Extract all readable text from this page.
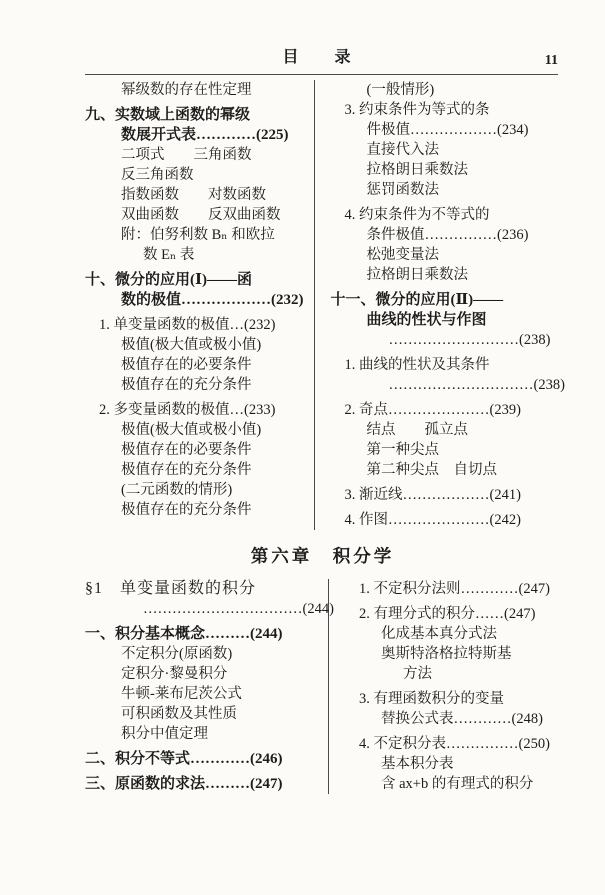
目　录	11
幂级数的存在性定理
九、实数域上函数的幂级
数展开式表…………(225)
二项式　　三角函数
反三角函数
指数函数　　对数函数
双曲函数　　反双曲函数
附：伯努利数 Bₙ 和欧拉
数 Eₙ 表
十、微分的应用(Ⅰ)——函
数的极值………………(232)
1. 单变量函数的极值…(232)
极值(极大值或极小值)
极值存在的必要条件
极值存在的充分条件
2. 多变量函数的极值…(233)
极值(极大值或极小值)
极值存在的必要条件
极值存在的充分条件
(二元函数的情形)
极值存在的充分条件
(一般情形)
3. 约束条件为等式的条
件极值………………(234)
直接代入法
拉格朗日乘数法
惩罚函数法
4. 约束条件为不等式的
条件极值……………(236)
松弛变量法
拉格朗日乘数法
十一、微分的应用(Ⅱ)——
曲线的性状与作图
………………………(238)
1. 曲线的性状及其条件
…………………………(238)
2. 奇点…………………(239)
结点　　孤立点
第一种尖点
第二种尖点　自切点
3. 渐近线………………(241)
4. 作图…………………(242)
第六章　积分学
§1　单变量函数的积分
……………………………(244)
一、积分基本概念………(244)
不定积分(原函数)
定积分·黎曼积分
牛顿-莱布尼茨公式
可积函数及其性质
积分中值定理
二、积分不等式…………(246)
三、原函数的求法………(247)
1. 不定积分法则…………(247)
2. 有理分式的积分……(247)
化成基本真分式法
奥斯特洛格拉特斯基
方法
3. 有理函数积分的变量
替换公式表…………(248)
4. 不定积分表……………(250)
基本积分表
含 ax+b 的有理式的积分
